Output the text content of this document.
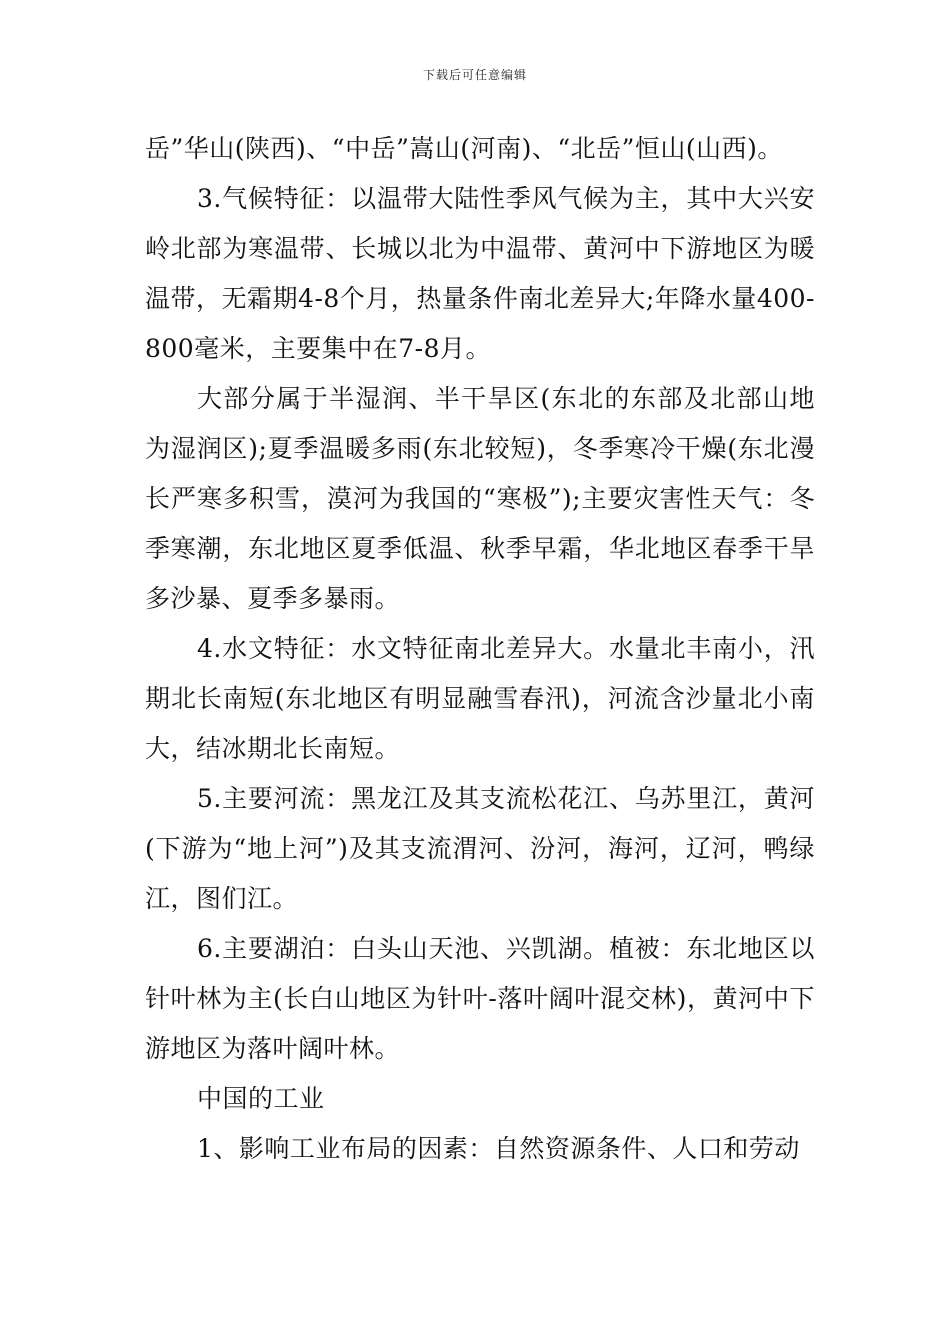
下载后可任意编辑

岳”华山(陕西)、“中岳”嵩山(河南)、“北岳”恒山(山西)。

3.气候特征：以温带大陆性季风气候为主，其中大兴安岭北部为寒温带、长城以北为中温带、黄河中下游地区为暖温带，无霜期4-8个月，热量条件南北差异大;年降水量400-800毫米，主要集中在7-8月。

大部分属于半湿润、半干旱区(东北的东部及北部山地为湿润区);夏季温暖多雨(东北较短)，冬季寒冷干燥(东北漫长严寒多积雪，漠河为我国的“寒极”);主要灾害性天气：冬季寒潮，东北地区夏季低温、秋季早霜，华北地区春季干旱多沙暴、夏季多暴雨。

4.水文特征：水文特征南北差异大。水量北丰南小，汛期北长南短(东北地区有明显融雪春汛)，河流含沙量北小南大，结冰期北长南短。

5.主要河流：黑龙江及其支流松花江、乌苏里江，黄河(下游为“地上河”)及其支流渭河、汾河，海河，辽河，鸭绿江，图们江。

6.主要湖泊：白头山天池、兴凯湖。植被：东北地区以针叶林为主(长白山地区为针叶-落叶阔叶混交林)，黄河中下游地区为落叶阔叶林。

中国的工业

1、影响工业布局的因素：自然资源条件、人口和劳动
